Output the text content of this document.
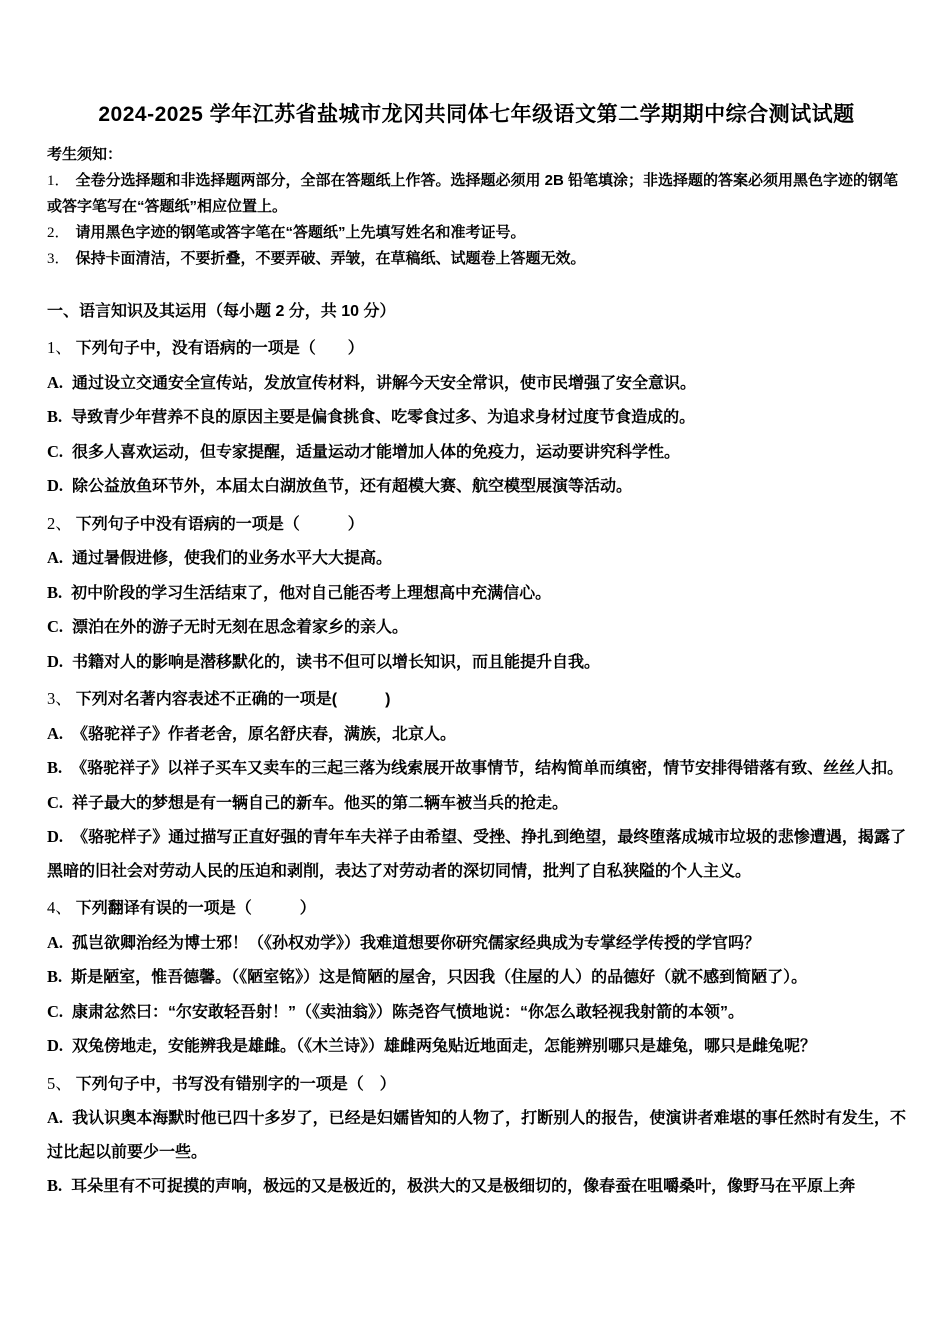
2024-2025 学年江苏省盐城市龙冈共同体七年级语文第二学期期中综合测试试题

考生须知：

1． 全卷分选择题和非选择题两部分，全部在答题纸上作答。选择题必须用 2B 铅笔填涂；非选择题的答案必须用黑色字迹的钢笔或答字笔写在“答题纸”相应位置上。

2． 请用黑色字迹的钢笔或答字笔在“答题纸”上先填写姓名和准考证号。

3． 保持卡面清洁，不要折叠，不要弄破、弄皱，在草稿纸、试题卷上答题无效。

一、语言知识及其运用（每小题 2 分，共 10 分）

1、 下列句子中，没有语病的一项是（　　）

A. 通过设立交通安全宣传站，发放宣传材料，讲解今天安全常识，使市民增强了安全意识。

B. 导致青少年营养不良的原因主要是偏食挑食、吃零食过多、为追求身材过度节食造成的。

C. 很多人喜欢运动，但专家提醒，适量运动才能增加人体的免疫力，运动要讲究科学性。

D. 除公益放鱼环节外，本届太白湖放鱼节，还有超模大赛、航空模型展演等活动。

2、 下列句子中没有语病的一项是（　　　）

A. 通过暑假进修，使我们的业务水平大大提高。

B. 初中阶段的学习生活结束了，他对自己能否考上理想高中充满信心。

C. 漂泊在外的游子无时无刻在思念着家乡的亲人。

D. 书籍对人的影响是潜移默化的，读书不但可以增长知识，而且能提升自我。

3、 下列对名著内容表述不正确的一项是(　　　)

A. 《骆驼祥子》作者老舍，原名舒庆春，满族，北京人。

B. 《骆驼祥子》以祥子买车又卖车的三起三落为线索展开故事情节，结构简单而缜密，情节安排得错落有致、丝丝人扣。

C. 祥子最大的梦想是有一辆自己的新车。他买的第二辆车被当兵的抢走。

D. 《骆驼样子》通过描写正直好强的青年车夫祥子由希望、受挫、挣扎到绝望，最终堕落成城市垃圾的悲惨遭遇，揭露了黑暗的旧社会对劳动人民的压迫和剥削，表达了对劳动者的深切同情，批判了自私狭隘的个人主义。

4、 下列翻译有误的一项是（　　　）

A. 孤岂欲卿治经为博士邪！（《孙权劝学》）我难道想要你研究儒家经典成为专掌经学传授的学官吗？

B. 斯是陋室，惟吾德馨。（《陋室铭》）这是简陋的屋舍，只因我（住屋的人）的品德好（就不感到简陋了）。

C. 康肃忿然曰：“尔安敢轻吾射！”（《卖油翁》）陈尧咨气愤地说：“你怎么敢轻视我射箭的本领”。

D. 双兔傍地走，安能辨我是雄雌。（《木兰诗》）雄雌两兔贴近地面走，怎能辨别哪只是雄兔，哪只是雌兔呢？

5、 下列句子中，书写没有错别字的一项是（　）

A. 我认识奥本海默时他已四十多岁了，已经是妇嬬皆知的人物了，打断别人的报告，使演讲者难堪的事任然时有发生，不过比起以前要少一些。

B. 耳朵里有不可捉摸的声响，极远的又是极近的，极洪大的又是极细切的，像春蚕在咀嚼桑叶，像野马在平原上奔
